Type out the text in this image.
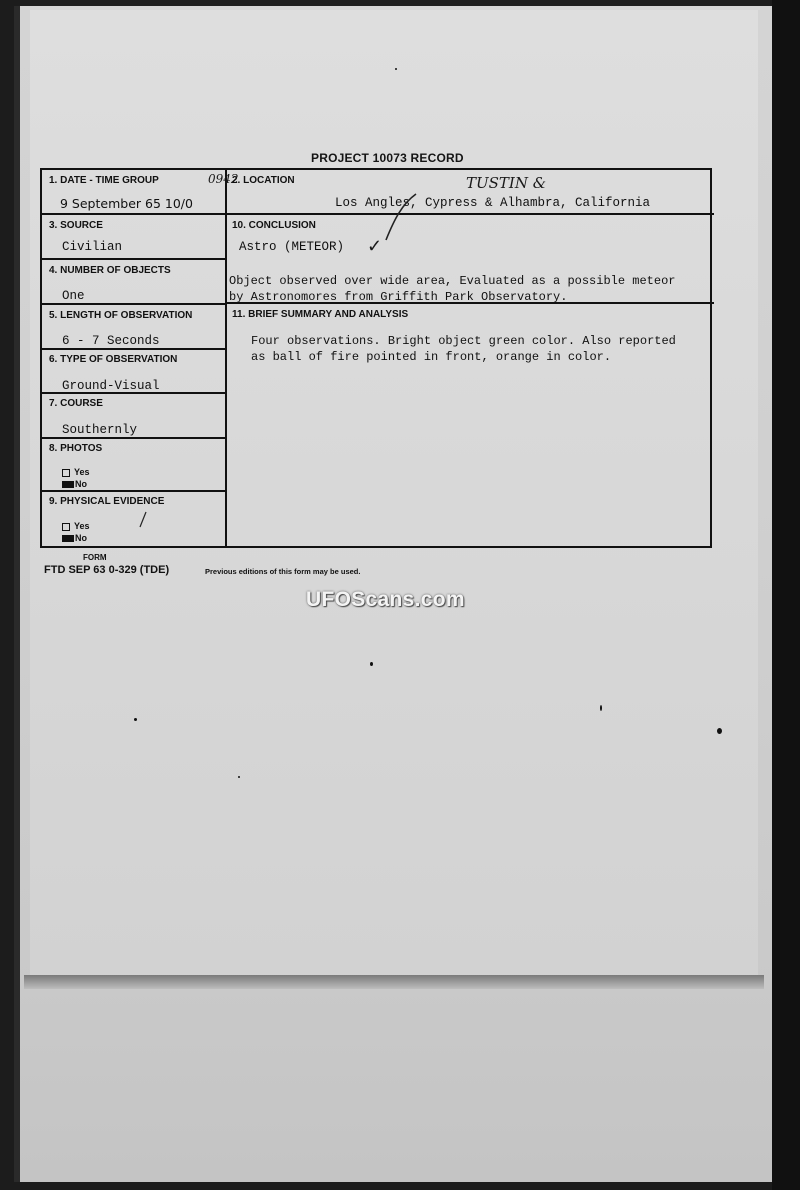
PROJECT 10073 RECORD
1. DATE - TIME GROUP
9 September 65 10/0
0942
2. LOCATION
Los Angles, Cypress & Alhambra, California
TUSTIN &
3. SOURCE
Civilian
10. CONCLUSION
Astro (METEOR) ✓
4. NUMBER OF OBJECTS
One
Object observed over wide area, Evaluated as a possible meteor
by Astronomores from Griffith Park Observatory.
5. LENGTH OF OBSERVATION
6 - 7 Seconds
11. BRIEF SUMMARY AND ANALYSIS
Four observations. Bright object green color. Also reported
as ball of fire pointed in front, orange in color.
6. TYPE OF OBSERVATION
Ground-Visual
7. COURSE
Southernly
8. PHOTOS
Yes
No
9. PHYSICAL EVIDENCE
Yes
No
FORM
FTD SEP 63 0-329 (TDE)	Previous editions of this form may be used.
UFOScans.com
